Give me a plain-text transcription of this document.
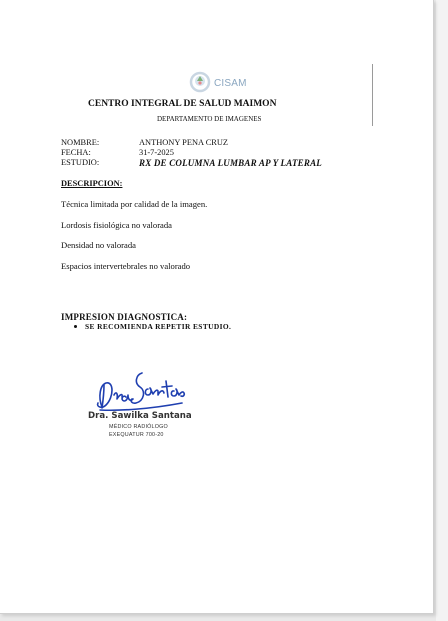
CISAM
CENTRO INTEGRAL DE SALUD MAIMON
DEPARTAMENTO DE IMAGENES
NOMBRE:
FECHA:
ESTUDIO:
ANTHONY PENA CRUZ
31-7-2025
RX DE COLUMNA LUMBAR AP Y LATERAL
DESCRIPCION:
Técnica limitada por calidad de la imagen.
Lordosis fisiológica no valorada
Densidad no valorada
Espacios intervertebrales no valorado
IMPRESION DIAGNOSTICA:
SE RECOMIENDA REPETIR ESTUDIO.
Dra. Sawilka Santana
MÉDICO RADIÓLOGO
EXEQUATUR 700-20
